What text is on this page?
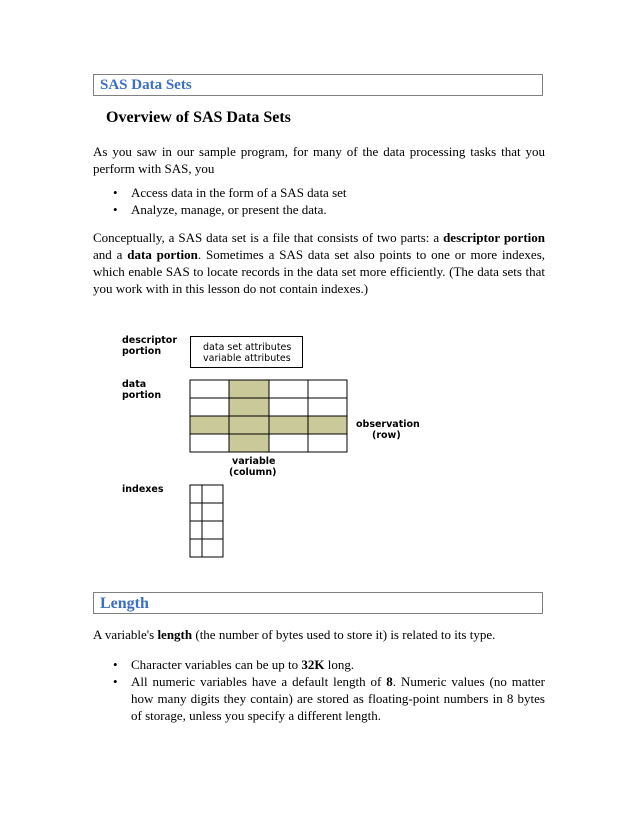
SAS Data Sets
Overview of SAS Data Sets

As you saw in our sample program, for many of the data processing tasks that you perform with SAS, you

• Access data in the form of a SAS data set
• Analyze, manage, or present the data.

Conceptually, a SAS data set is a file that consists of two parts: a descriptor portion and a data portion. Sometimes a SAS data set also points to one or more indexes, which enable SAS to locate records in the data set more efficiently. (The data sets that you work with in this lesson do not contain indexes.)

descriptor
portion	data set attributes
variable attributes
data
portion
observation
(row)
variable
(column)
indexes
Length

A variable's length (the number of bytes used to store it) is related to its type.

• Character variables can be up to 32K long.
• All numeric variables have a default length of 8. Numeric values (no matter how many digits they contain) are stored as floating-point numbers in 8 bytes of storage, unless you specify a different length.
